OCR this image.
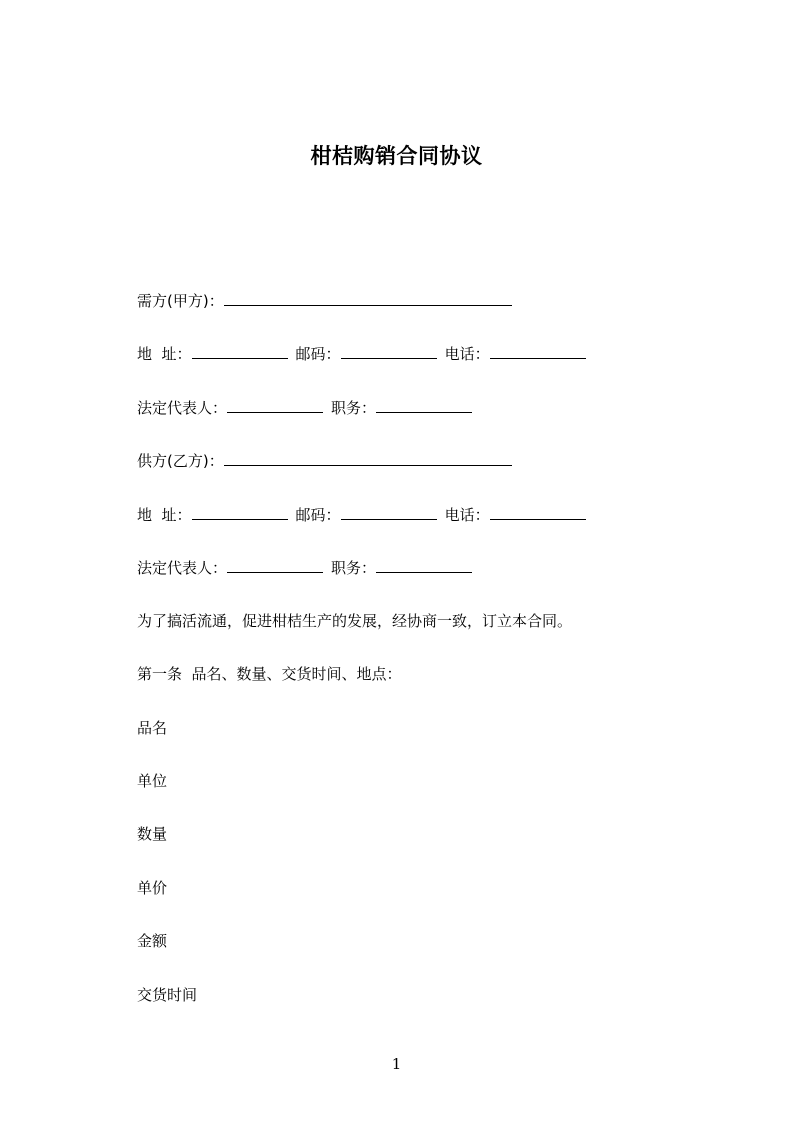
柑桔购销合同协议
需方(甲方)：
地  址：	邮码：	电话：
法定代表人：	职务：
供方(乙方)：
地  址：	邮码：	电话：
法定代表人：	职务：
为了搞活流通，促进柑桔生产的发展，经协商一致，订立本合同。
第一条  品名、数量、交货时间、地点：
品名
单位
数量
单价
金额
交货时间
1
